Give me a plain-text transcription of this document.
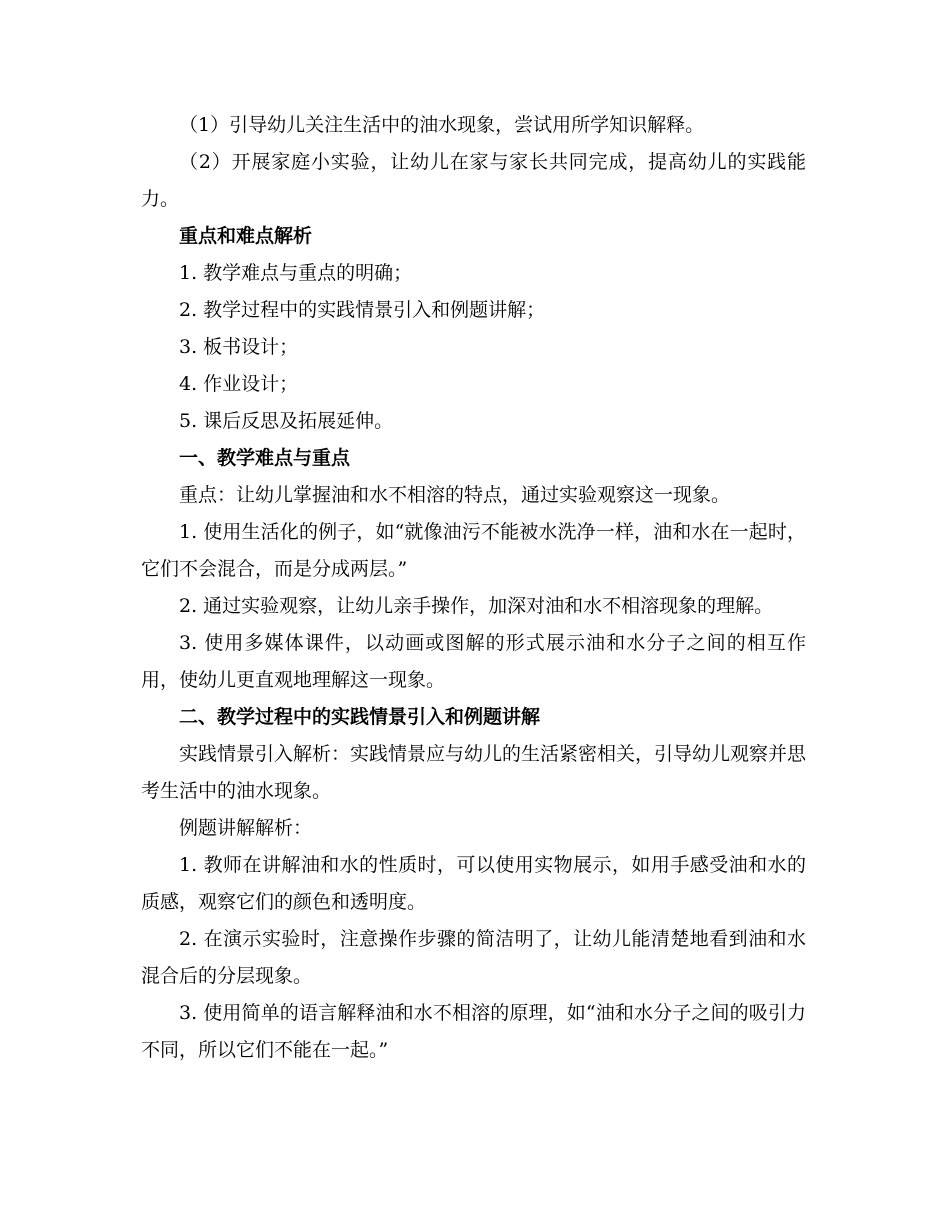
（1）引导幼儿关注生活中的油水现象，尝试用所学知识解释。

（2）开展家庭小实验，让幼儿在家与家长共同完成，提高幼儿的实践能力。

重点和难点解析

1. 教学难点与重点的明确；

2. 教学过程中的实践情景引入和例题讲解；

3. 板书设计；

4. 作业设计；

5. 课后反思及拓展延伸。

一、教学难点与重点

重点：让幼儿掌握油和水不相溶的特点，通过实验观察这一现象。

1. 使用生活化的例子，如“就像油污不能被水洗净一样，油和水在一起时，它们不会混合，而是分成两层。”

2. 通过实验观察，让幼儿亲手操作，加深对油和水不相溶现象的理解。

3. 使用多媒体课件，以动画或图解的形式展示油和水分子之间的相互作用，使幼儿更直观地理解这一现象。

二、教学过程中的实践情景引入和例题讲解

实践情景引入解析：实践情景应与幼儿的生活紧密相关，引导幼儿观察并思考生活中的油水现象。

例题讲解解析：

1. 教师在讲解油和水的性质时，可以使用实物展示，如用手感受油和水的质感，观察它们的颜色和透明度。

2. 在演示实验时，注意操作步骤的简洁明了，让幼儿能清楚地看到油和水混合后的分层现象。

3. 使用简单的语言解释油和水不相溶的原理，如“油和水分子之间的吸引力不同，所以它们不能在一起。”
